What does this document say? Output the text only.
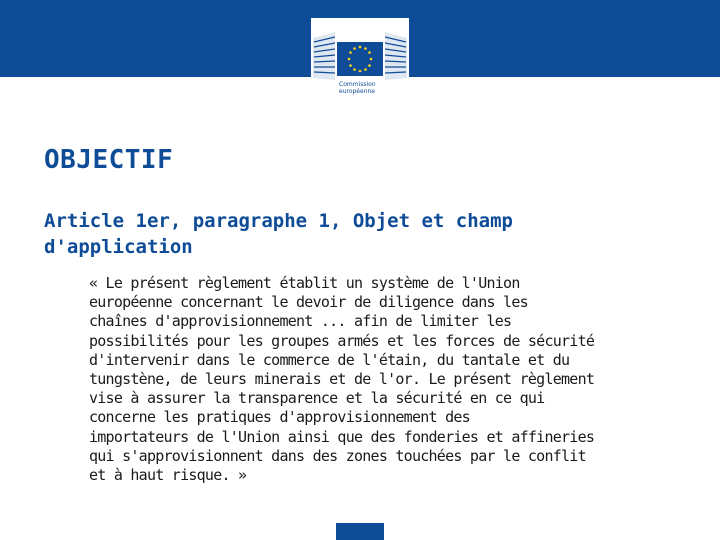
Commission
européenne
OBJECTIF
Article 1er, paragraphe 1, Objet et champ
d'application
« Le présent règlement établit un système de l'Union
européenne concernant le devoir de diligence dans les
chaînes d'approvisionnement ... afin de limiter les
possibilités pour les groupes armés et les forces de sécurité
d'intervenir dans le commerce de l'étain, du tantale et du
tungstène, de leurs minerais et de l'or. Le présent règlement
vise à assurer la transparence et la sécurité en ce qui
concerne les pratiques d'approvisionnement des
importateurs de l'Union ainsi que des fonderies et affineries
qui s'approvisionnent dans des zones touchées par le conflit
et à haut risque. »
